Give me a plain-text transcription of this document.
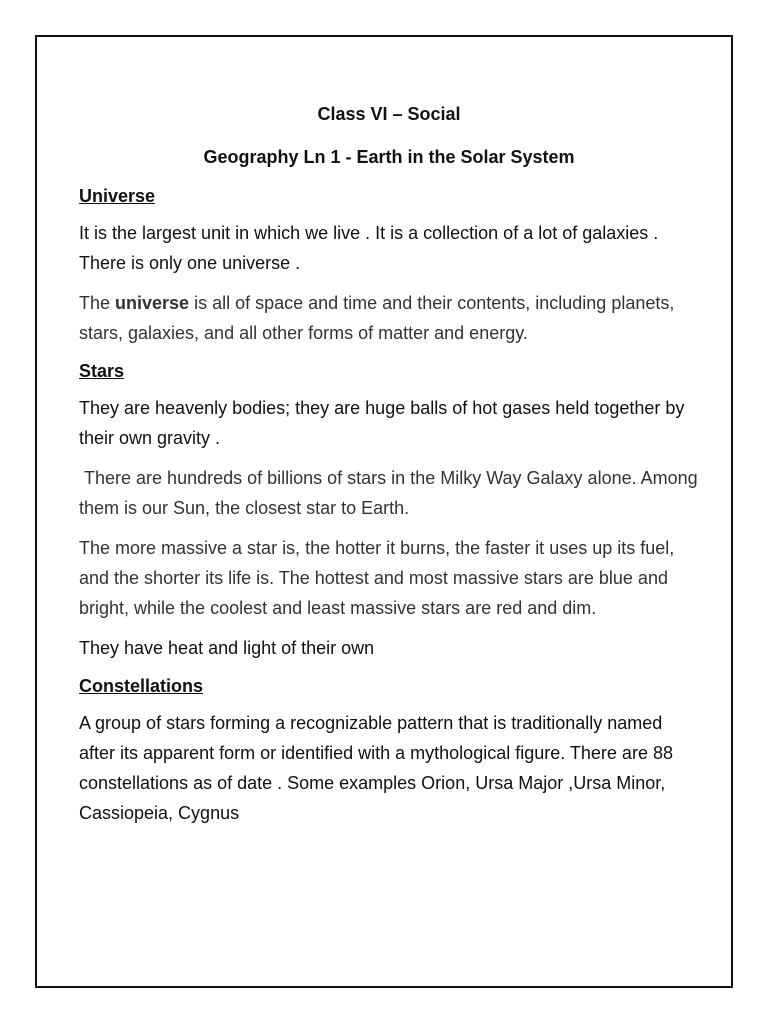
Class VI – Social

Geography Ln 1 - Earth in the Solar System

Universe

It is the largest unit in which we live . It is a collection of a lot of galaxies . There is only one universe .

The universe is all of space and time and their contents, including planets, stars, galaxies, and all other forms of matter and energy.

Stars

They are heavenly bodies; they are huge balls of hot gases held together by their own gravity .

There are hundreds of billions of stars in the Milky Way Galaxy alone. Among them is our Sun, the closest star to Earth.

The more massive a star is, the hotter it burns, the faster it uses up its fuel, and the shorter its life is. The hottest and most massive stars are blue and bright, while the coolest and least massive stars are red and dim.

They have heat and light of their own

Constellations

A group of stars forming a recognizable pattern that is traditionally named after its apparent form or identified with a mythological figure. There are 88 constellations as of date . Some examples Orion, Ursa Major ,Ursa Minor, Cassiopeia, Cygnus
